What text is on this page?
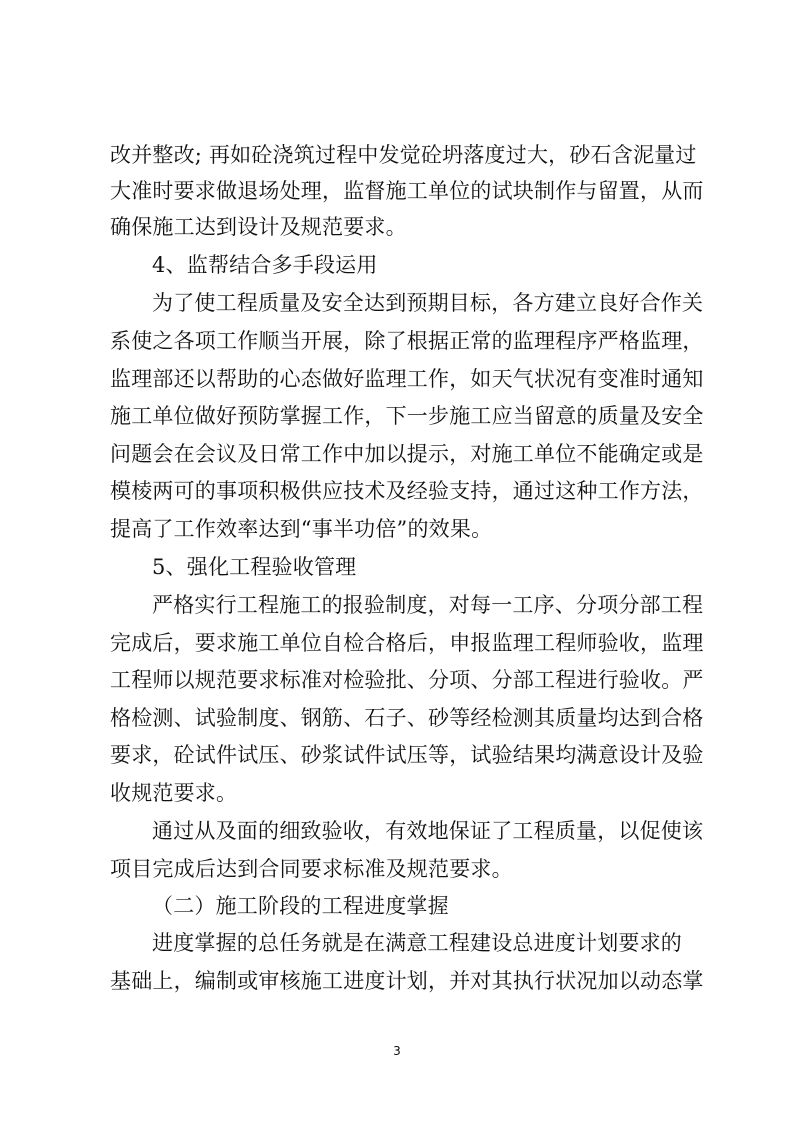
改并整改; 再如砼浇筑过程中发觉砼坍落度过大，砂石含泥量过
大准时要求做退场处理，监督施工单位的试块制作与留置，从而
确保施工达到设计及规范要求。
4、监帮结合多手段运用
为了使工程质量及安全达到预期目标，各方建立良好合作关
系使之各项工作顺当开展，除了根据正常的监理程序严格监理，
监理部还以帮助的心态做好监理工作，如天气状况有变准时通知
施工单位做好预防掌握工作，下一步施工应当留意的质量及安全
问题会在会议及日常工作中加以提示，对施工单位不能确定或是
模棱两可的事项积极供应技术及经验支持，通过这种工作方法，
提高了工作效率达到“事半功倍”的效果。
5、强化工程验收管理
严格实行工程施工的报验制度，对每一工序、分项分部工程
完成后，要求施工单位自检合格后，申报监理工程师验收，监理
工程师以规范要求标准对检验批、分项、分部工程进行验收。严
格检测、试验制度、钢筋、石子、砂等经检测其质量均达到合格
要求，砼试件试压、砂浆试件试压等，试验结果均满意设计及验
收规范要求。
通过从及面的细致验收，有效地保证了工程质量，以促使该
项目完成后达到合同要求标准及规范要求。
（二）施工阶段的工程进度掌握
进度掌握的总任务就是在满意工程建设总进度计划要求的
基础上，编制或审核施工进度计划，并对其执行状况加以动态掌
3
